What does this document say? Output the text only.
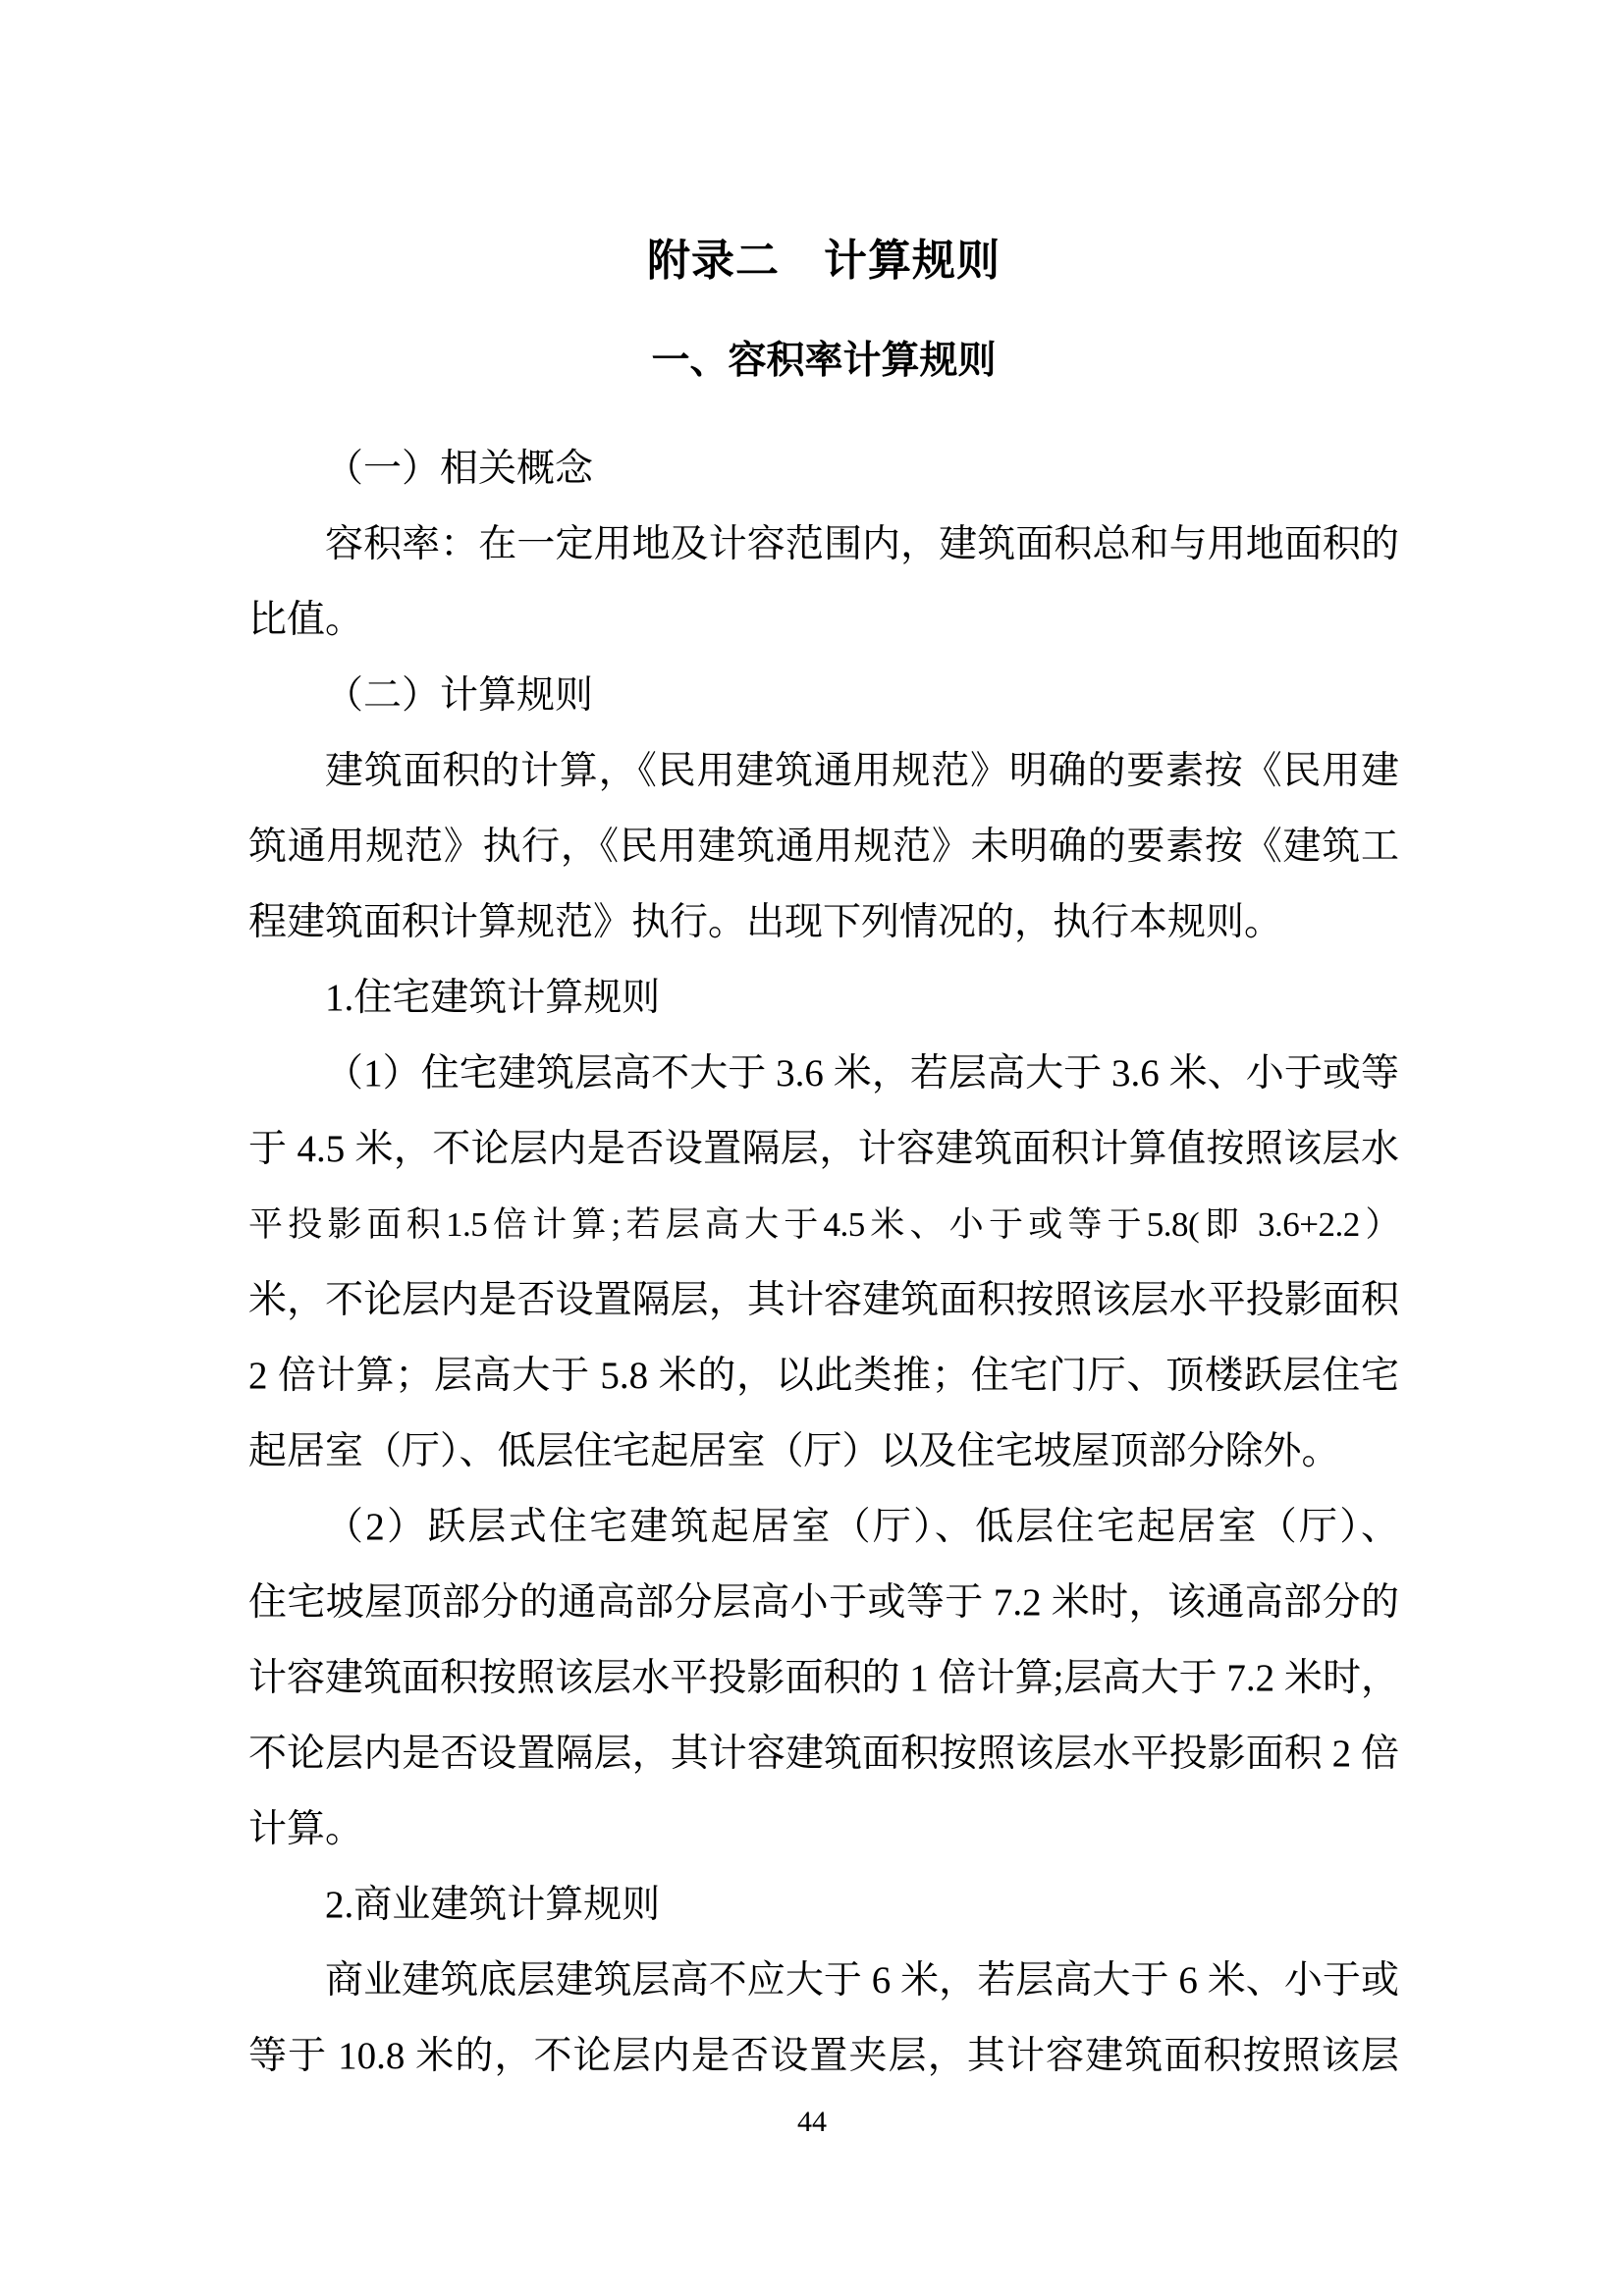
附录二　计算规则
一、容积率计算规则
（一）相关概念
容积率：在一定用地及计容范围内，建筑面积总和与用地面积的
比值。
（二）计算规则
建筑面积的计算，《民用建筑通用规范》明确的要素按《民用建
筑通用规范》执行，《民用建筑通用规范》未明确的要素按《建筑工
程建筑面积计算规范》执行。出现下列情况的，执行本规则。
1.住宅建筑计算规则
（1）住宅建筑层高不大于 3.6 米，若层高大于 3.6 米、小于或等
于 4.5 米，不论层内是否设置隔层，计容建筑面积计算值按照该层水
平投影面积1.5倍计算;若层高大于4.5米、小于或等于5.8(即 3.6+2.2）
米，不论层内是否设置隔层，其计容建筑面积按照该层水平投影面积
2 倍计算；层高大于 5.8 米的，以此类推；住宅门厅、顶楼跃层住宅
起居室（厅）、低层住宅起居室（厅）以及住宅坡屋顶部分除外。
（2）跃层式住宅建筑起居室（厅）、低层住宅起居室（厅）、
住宅坡屋顶部分的通高部分层高小于或等于 7.2 米时，该通高部分的
计容建筑面积按照该层水平投影面积的 1 倍计算;层高大于 7.2 米时，
不论层内是否设置隔层，其计容建筑面积按照该层水平投影面积 2 倍
计算。
2.商业建筑计算规则
商业建筑底层建筑层高不应大于 6 米，若层高大于 6 米、小于或
等于 10.8 米的，不论层内是否设置夹层，其计容建筑面积按照该层
44
